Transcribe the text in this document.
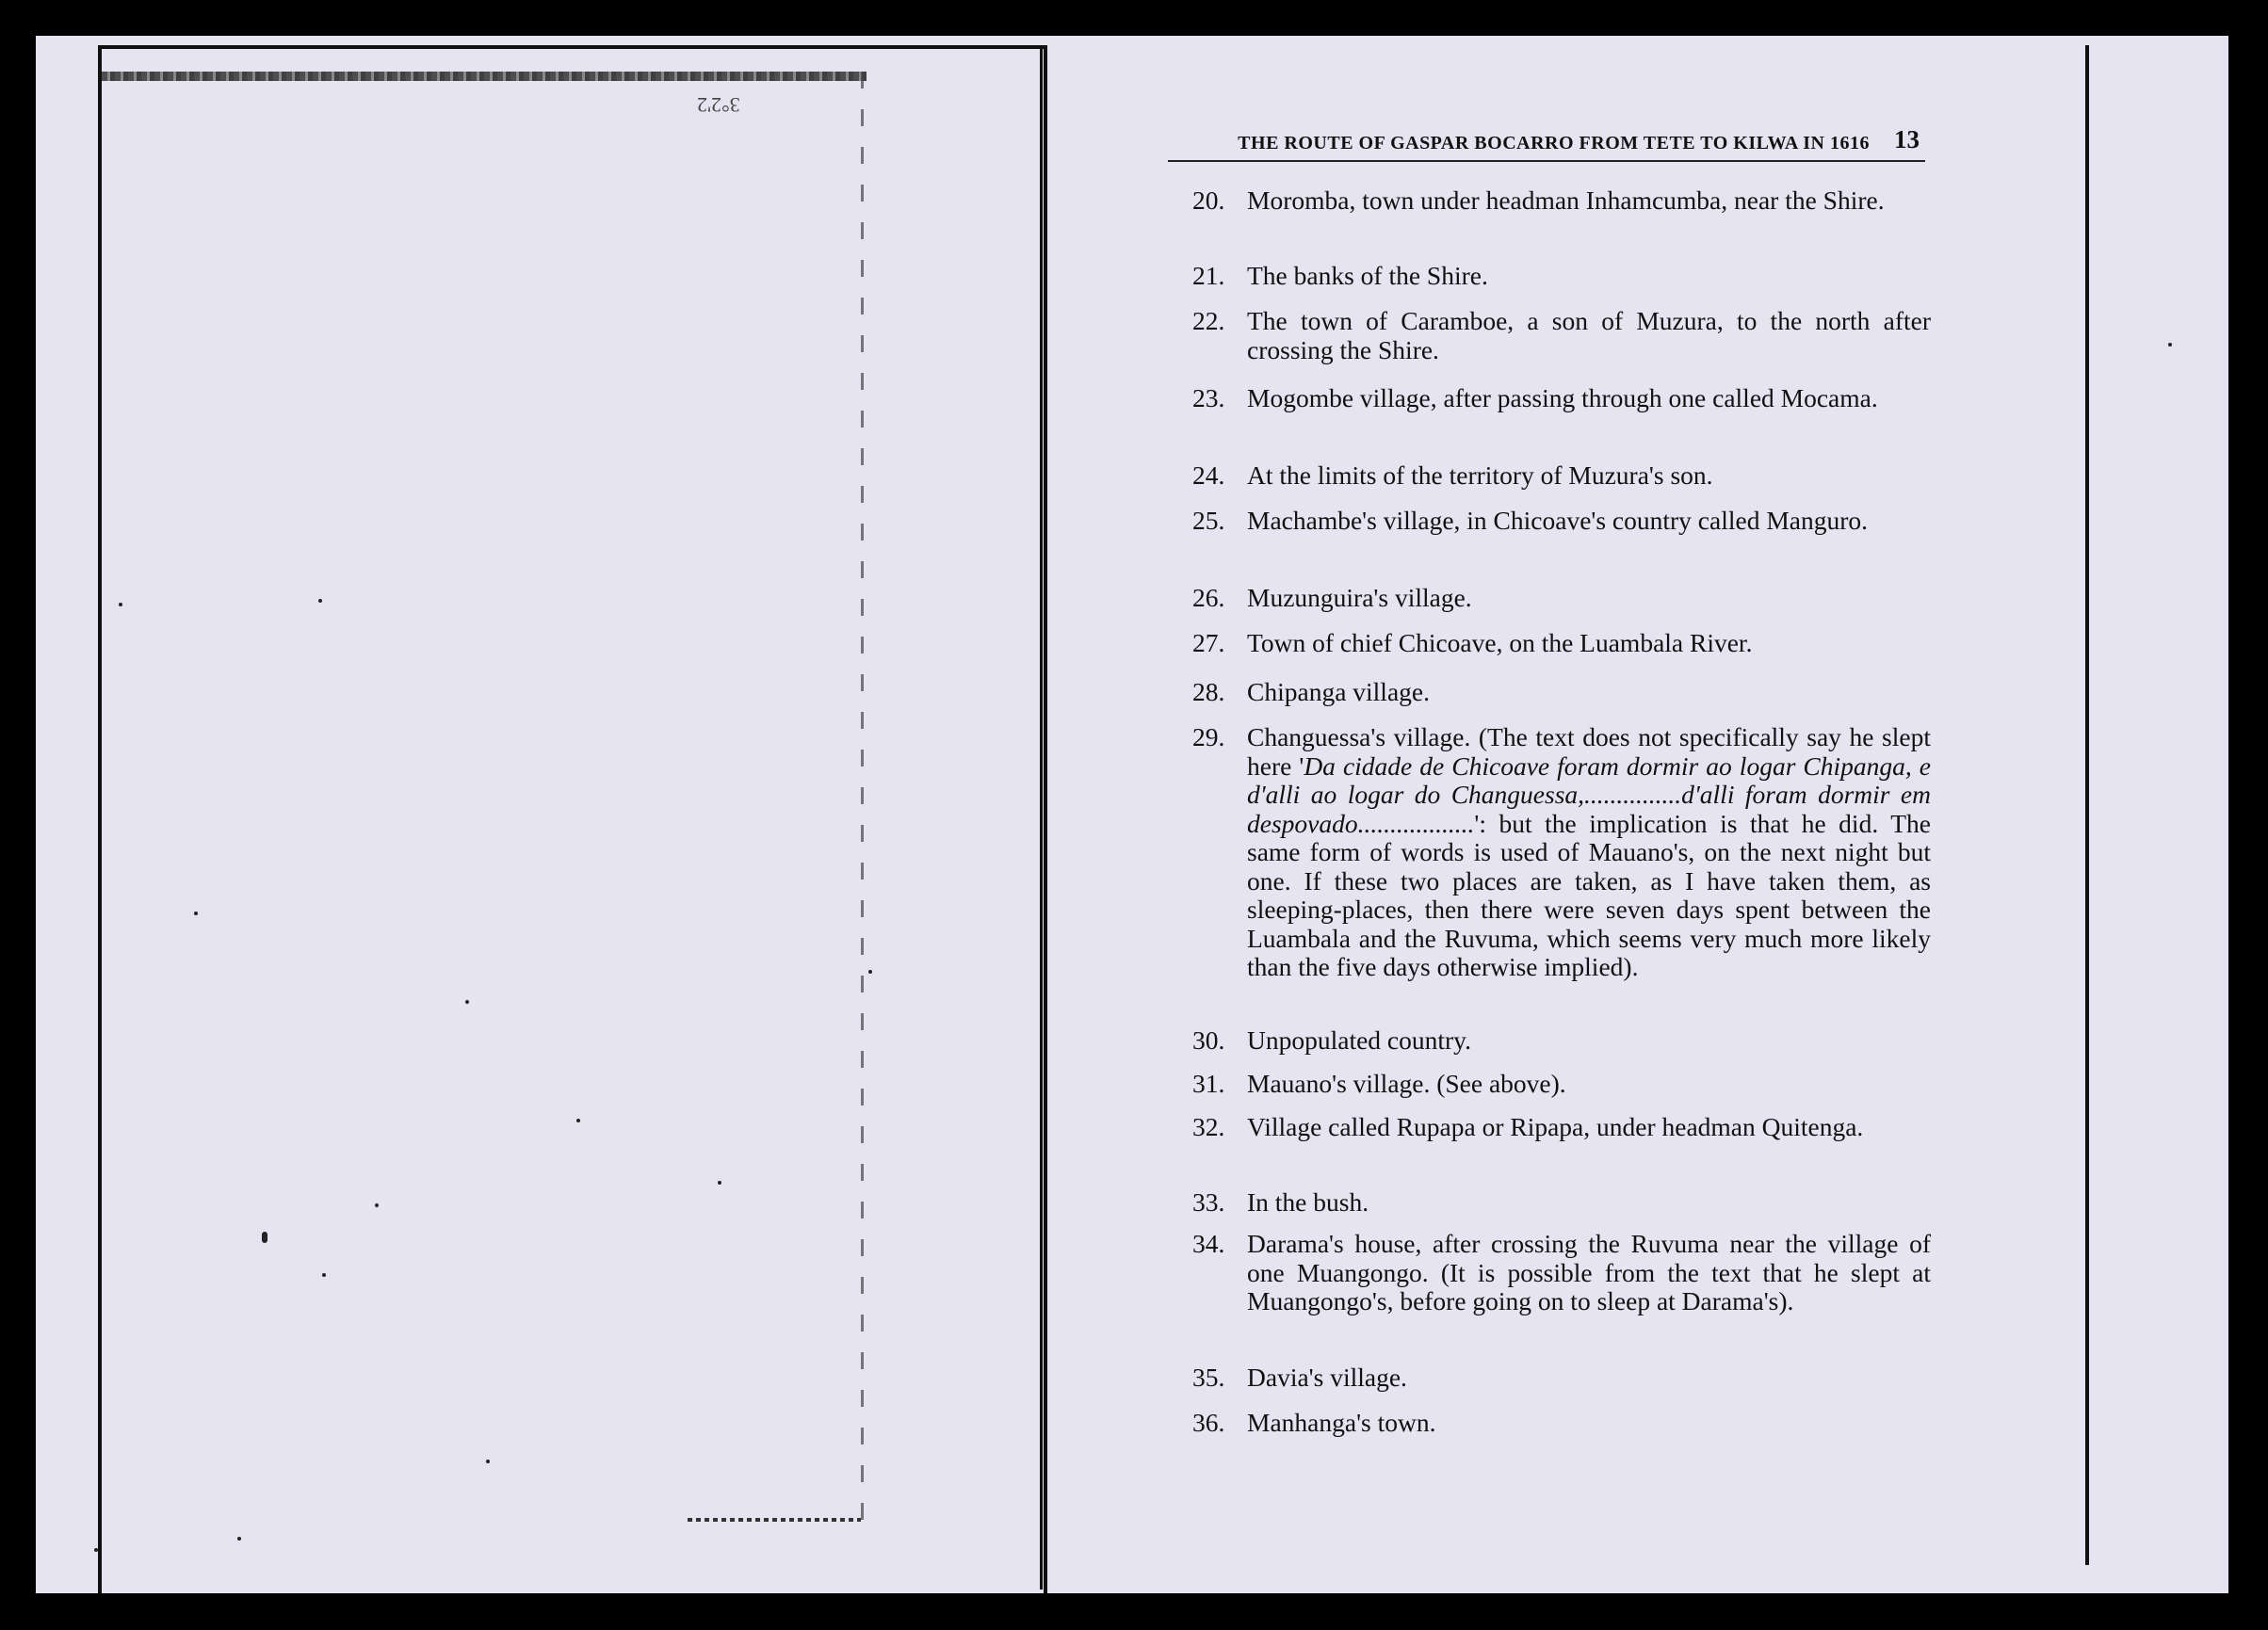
3°2'2
THE ROUTE OF GASPAR BOCARRO FROM TETE TO KILWA IN 1616 13
20. Moromba, town under headman Inhamcumba, near the Shire.
21. The banks of the Shire.
22. The town of Caramboe, a son of Muzura, to the north after crossing the Shire.
23. Mogombe village, after passing through one called Mocama.
24. At the limits of the territory of Muzura's son.
25. Machambe's village, in Chicoave's country called Manguro.
26. Muzunguira's village.
27. Town of chief Chicoave, on the Luambala River.
28. Chipanga village.
29. Changuessa's village. (The text does not specifically say he slept here 'Da cidade de Chicoave foram dormir ao logar Chipanga, e d'alli ao logar do Changuessa,...............d'alli foram dormir em despovado..................': but the implication is that he did. The same form of words is used of Mauano's, on the next night but one. If these two places are taken, as I have taken them, as sleeping-places, then there were seven days spent between the Luambala and the Ruvuma, which seems very much more likely than the five days otherwise implied).
30. Unpopulated country.
31. Mauano's village. (See above).
32. Village called Rupapa or Ripapa, under headman Quitenga.
33. In the bush.
34. Darama's house, after crossing the Ruvuma near the village of one Muangongo. (It is possible from the text that he slept at Muangongo's, before going on to sleep at Darama's).
35. Davia's village.
36. Manhanga's town.
